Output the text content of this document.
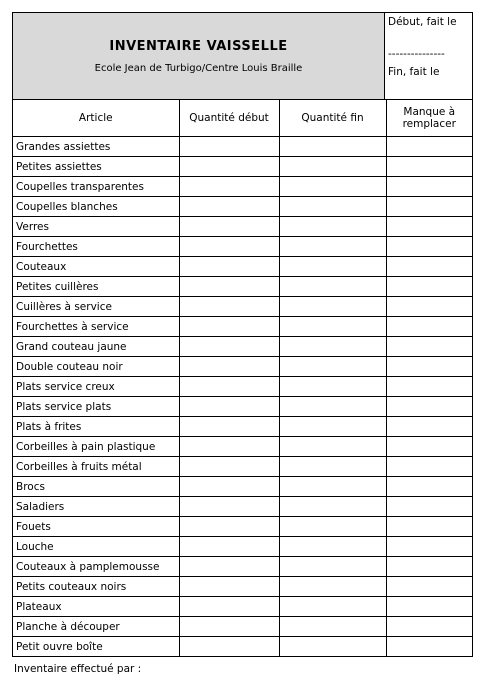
INVENTAIRE VAISSELLE
Ecole Jean de Turbigo/Centre Louis Braille
Début, fait le
---------------
Fin, fait le
Article	Quantité début	Quantité fin	Manque à remplacer
Grandes assiettes			
Petites assiettes			
Coupelles transparentes			
Coupelles blanches			
Verres			
Fourchettes			
Couteaux			
Petites cuillères			
Cuillères à service			
Fourchettes à service			
Grand couteau jaune			
Double couteau noir			
Plats service creux			
Plats service plats			
Plats à frites			
Corbeilles à pain plastique			
Corbeilles à fruits métal			
Brocs			
Saladiers			
Fouets			
Louche			
Couteaux à pamplemousse			
Petits couteaux noirs			
Plateaux			
Planche à découper			
Petit ouvre boîte			
Inventaire effectué par :
